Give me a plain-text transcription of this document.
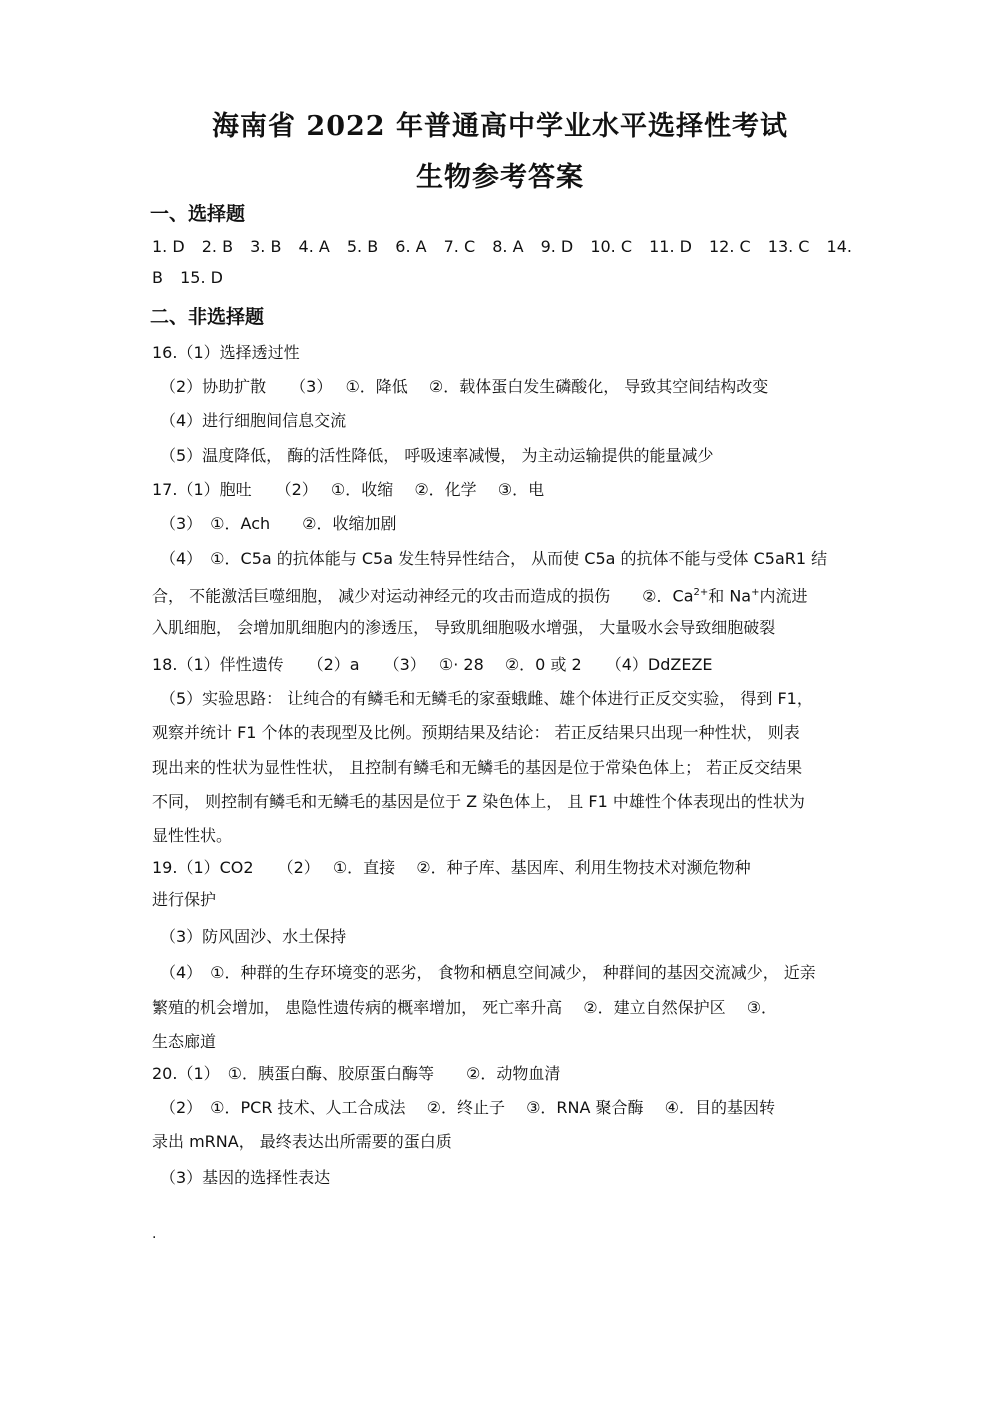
海南省 2022 年普通高中学业水平选择性考试
生物参考答案
一、选择题
1. D 2. B 3. B 4. A 5. B 6. A 7. C 8. A 9. D 10. C 11. D 12. C 13. C 14.
B 15. D
二、非选择题
16.（1）选择透过性
（2）协助扩散　　（3）　 ①．降低　 ②．载体蛋白发生磷酸化， 导致其空间结构改变
（4）进行细胞间信息交流
（5）温度降低， 酶的活性降低， 呼吸速率减慢， 为主动运输提供的能量减少
17.（1）胞吐　　（2）　 ①．收缩　 ②．化学　 ③．电
（3）　①．Ach　　②．收缩加剧
（4）　①．C5a 的抗体能与 C5a 发生特异性结合， 从而使 C5a 的抗体不能与受体 C5aR1 结
合， 不能激活巨噬细胞， 减少对运动神经元的攻击而造成的损伤　　②．$Ca^{2+}$和 Na+内流进
入肌细胞， 会增加肌细胞内的渗透压， 导致肌细胞吸水增强， 大量吸水会导致细胞破裂
18.（1）伴性遗传　　（2）a　　（3）　 ①· 28　 ②．0 或 2　　（4）DdZEZE
（5）实验思路： 让纯合的有鳞毛和无鳞毛的家蚕蛾雌、雄个体进行正反交实验， 得到 F1，
观察并统计 F1 个体的表现型及比例。预期结果及结论： 若正反结果只出现一种性状， 则表
现出来的性状为显性性状， 且控制有鳞毛和无鳞毛的基因是位于常染色体上； 若正反交结果
不同， 则控制有鳞毛和无鳞毛的基因是位于 Z 染色体上， 且 F1 中雄性个体表现出的性状为
显性性状。
19.（1）CO2　　（2）　 ①．直接　 ②．种子库、基因库、利用生物技术对濒危物种
进行保护
（3）防风固沙、水土保持
（4）　①．种群的生存环境变的恶劣， 食物和栖息空间减少， 种群间的基因交流减少， 近亲
繁殖的机会增加， 患隐性遗传病的概率增加， 死亡率升高　 ②．建立自然保护区　 ③．
生态廊道
20.（1）　①．胰蛋白酶、胶原蛋白酶等　　②．动物血清
（2）　①．PCR 技术、人工合成法　 ②．终止子　 ③．RNA 聚合酶　 ④．目的基因转
录出 mRNA， 最终表达出所需要的蛋白质
（3）基因的选择性表达
.
